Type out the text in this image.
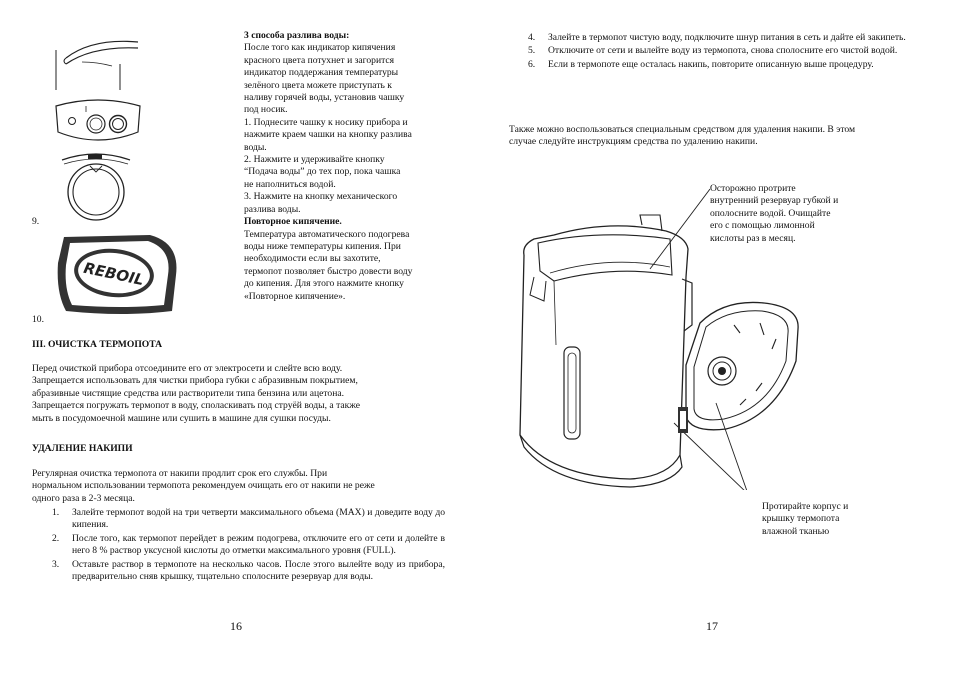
9.
REBOIL
10.
3 способа разлива воды:
После того как индикатор кипячения
красного цвета потухнет и загорится
индикатор поддержания температуры
зелёного цвета можете приступать к
наливу горячей воды, установив чашку
под носик.
1. Поднесите чашку к носику прибора и
нажмите краем чашки на кнопку разлива
воды.
2. Нажмите и удерживайте кнопку
“Подача воды” до тех пор, пока чашка
не наполниться водой.
3. Нажмите на кнопку механического
разлива воды.
Повторное кипячение.
Температура автоматического подогрева
воды ниже температуры кипения. При
необходимости если вы захотите,
термопот позволяет быстро довести воду
до кипения. Для этого нажмите кнопку
«Повторное кипячение».
III. ОЧИСТКА ТЕРМОПОТА
Перед очисткой прибора отсоедините его от электросети и слейте всю воду.
Запрещается использовать для чистки прибора губки с абразивным покрытием,
абразивные чистящие средства или растворители типа бензина или ацетона.
Запрещается погружать термопот в воду, споласкивать под струёй воды, а также
мыть в посудомоечной машине или сушить в машине для сушки посуды.
УДАЛЕНИЕ НАКИПИ
Регулярная очистка термопота от накипи продлит срок его службы. При
нормальном использовании термопота рекомендуем очищать его от накипи не реже
одного раза в 2-3 месяца.
1. Залейте термопот водой на три четверти максимального объема (MAX) и доведите воду до кипения.
2. После того, как термопот перейдет в режим подогрева, отключите его от сети и долейте в него 8 % раствор уксусной кислоты до отметки максимального уровня (FULL).
3. Оставьте раствор в термопоте на несколько часов. После этого вылейте воду из прибора, предварительно сняв крышку, тщательно сполосните резервуар для воды.
16
4. Залейте в термопот чистую воду, подключите шнур питания в сеть и дайте ей закипеть.
5. Отключите от сети и вылейте воду из термопота, снова сполосните его чистой водой.
6. Если в термопоте еще осталась накипь, повторите описанную выше процедуру.
Также можно воспользоваться специальным средством для удаления накипи. В этом
случае следуйте инструкциям средства по удалению накипи.
Осторожно протрите
внутренний резервуар губкой и
ополосните водой. Очищайте
его с помощью лимонной
кислоты раз в месяц.
Протирайте корпус и
крышку термопота
влажной тканью
17
